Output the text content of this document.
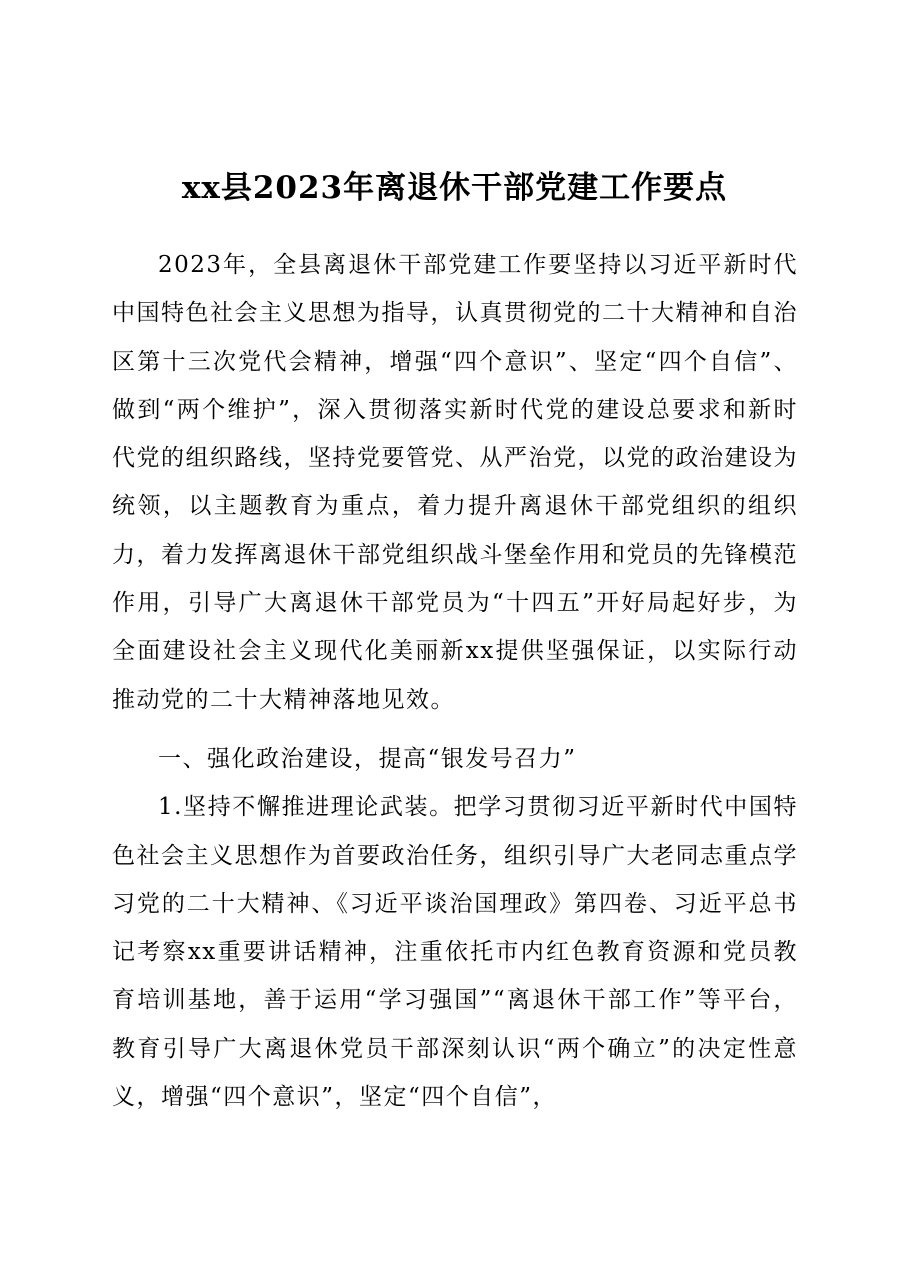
xx县2023年离退休干部党建工作要点

2023年，全县离退休干部党建工作要坚持以习近平新时代中国特色社会主义思想为指导，认真贯彻党的二十大精神和自治区第十三次党代会精神，增强“四个意识”、坚定“四个自信”、做到“两个维护”，深入贯彻落实新时代党的建设总要求和新时代党的组织路线，坚持党要管党、从严治党，以党的政治建设为统领，以主题教育为重点，着力提升离退休干部党组织的组织力，着力发挥离退休干部党组织战斗堡垒作用和党员的先锋模范作用，引导广大离退休干部党员为“十四五”开好局起好步，为全面建设社会主义现代化美丽新xx提供坚强保证，以实际行动推动党的二十大精神落地见效。

一、强化政治建设，提高“银发号召力”

1.坚持不懈推进理论武装。把学习贯彻习近平新时代中国特色社会主义思想作为首要政治任务，组织引导广大老同志重点学习党的二十大精神、《习近平谈治国理政》第四卷、习近平总书记考察xx重要讲话精神，注重依托市内红色教育资源和党员教育培训基地，善于运用“学习强国”“离退休干部工作”等平台，教育引导广大离退休党员干部深刻认识“两个确立”的决定性意义，增强“四个意识”，坚定“四个自信”，
